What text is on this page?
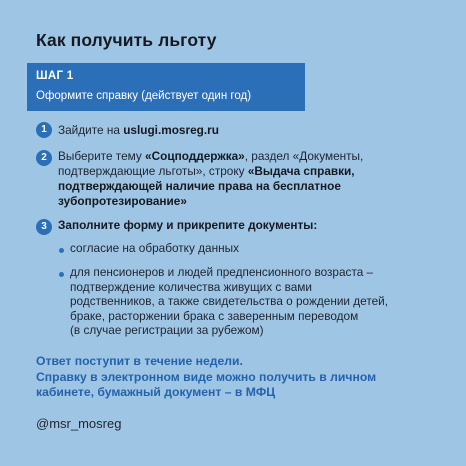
Как получить льготу
ШАГ 1
Оформите справку (действует один год)
1 Зайдите на uslugi.mosreg.ru
2 Выберите тему «Соцподдержка», раздел «Документы,
подтверждающие льготы», строку «Выдача справки,
подтверждающей наличие права на бесплатное
зубопротезирование»
3 Заполните форму и прикрепите документы:
согласие на обработку данных
для пенсионеров и людей предпенсионного возраста –
подтверждение количества живущих с вами
родственников, а также свидетельства о рождении детей,
браке, расторжении брака с заверенным переводом
(в случае регистрации за рубежом)
Ответ поступит в течение недели.
Справку в электронном виде можно получить в личном
кабинете, бумажный документ – в МФЦ
@msr_mosreg
